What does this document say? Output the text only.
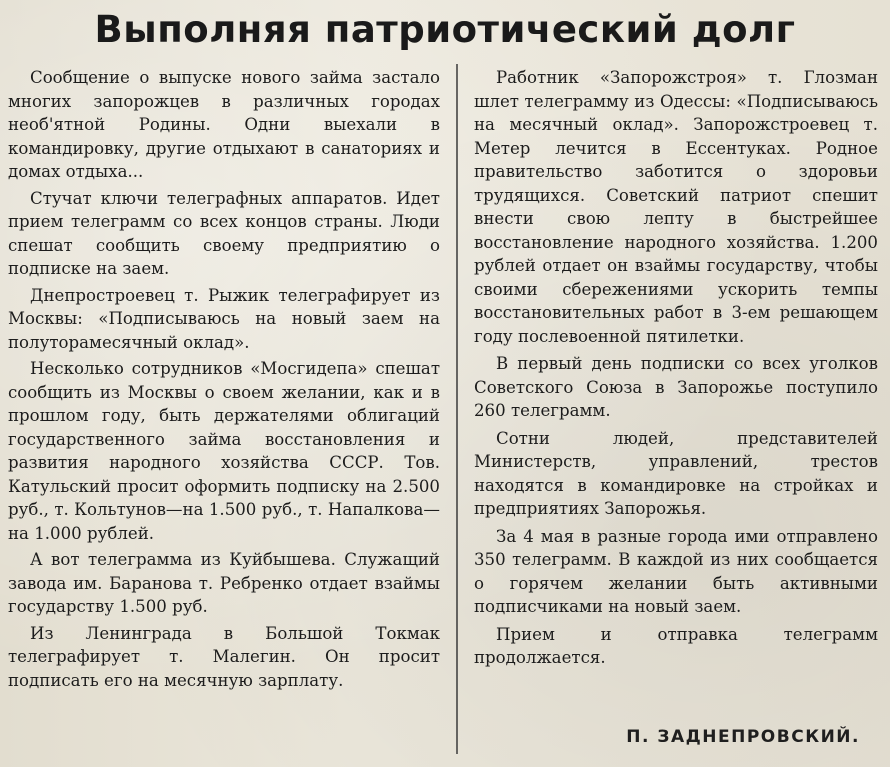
Выполняя патриотический долг

Сообщение о выпуске нового займа застало многих запорожцев в различных городах необ'ятной Родины. Одни выехали в командировку, другие отдыхают в санаториях и домах отдыха...

Стучат ключи телеграфных аппаратов. Идет прием телеграмм со всех концов страны. Люди спешат сообщить своему предприятию о подписке на заем.

Днепростроевец т. Рыжик телеграфирует из Москвы: «Подписываюсь на новый заем на полуторамесячный оклад».

Несколько сотрудников «Мосгидепа» спешат сообщить из Москвы о своем желании, как и в прошлом году, быть держателями облигаций государственного займа восстановления и развития народного хозяйства СССР. Тов. Катульский просит оформить подписку на 2.500 руб., т. Кольтунов—на 1.500 руб., т. Напалкова—на 1.000 рублей.

А вот телеграмма из Куйбышева. Служащий завода им. Баранова т. Ребренко отдает взаймы государству 1.500 руб.

Из Ленинграда в Большой Токмак телеграфирует т. Малегин. Он просит подписать его на месячную зарплату.

Работник «Запорожстроя» т. Глозман шлет телеграмму из Одессы: «Подписываюсь на месячный оклад». Запорожстроевец т. Метер лечится в Ессентуках. Родное правительство заботится о здоровьи трудящихся. Советский патриот спешит внести свою лепту в быстрейшее восстановление народного хозяйства. 1.200 рублей отдает он взаймы государству, чтобы своими сбережениями ускорить темпы восстановительных работ в 3-ем решающем году послевоенной пятилетки.

В первый день подписки со всех уголков Советского Союза в Запорожье поступило 260 телеграмм.

Сотни людей, представителей Министерств, управлений, трестов находятся в командировке на стройках и предприятиях Запорожья.

За 4 мая в разные города ими отправлено 350 телеграмм. В каждой из них сообщается о горячем желании быть активными подписчиками на новый заем.

Прием и отправка телеграмм продолжается.

П. ЗАДНЕПРОВСКИЙ.
